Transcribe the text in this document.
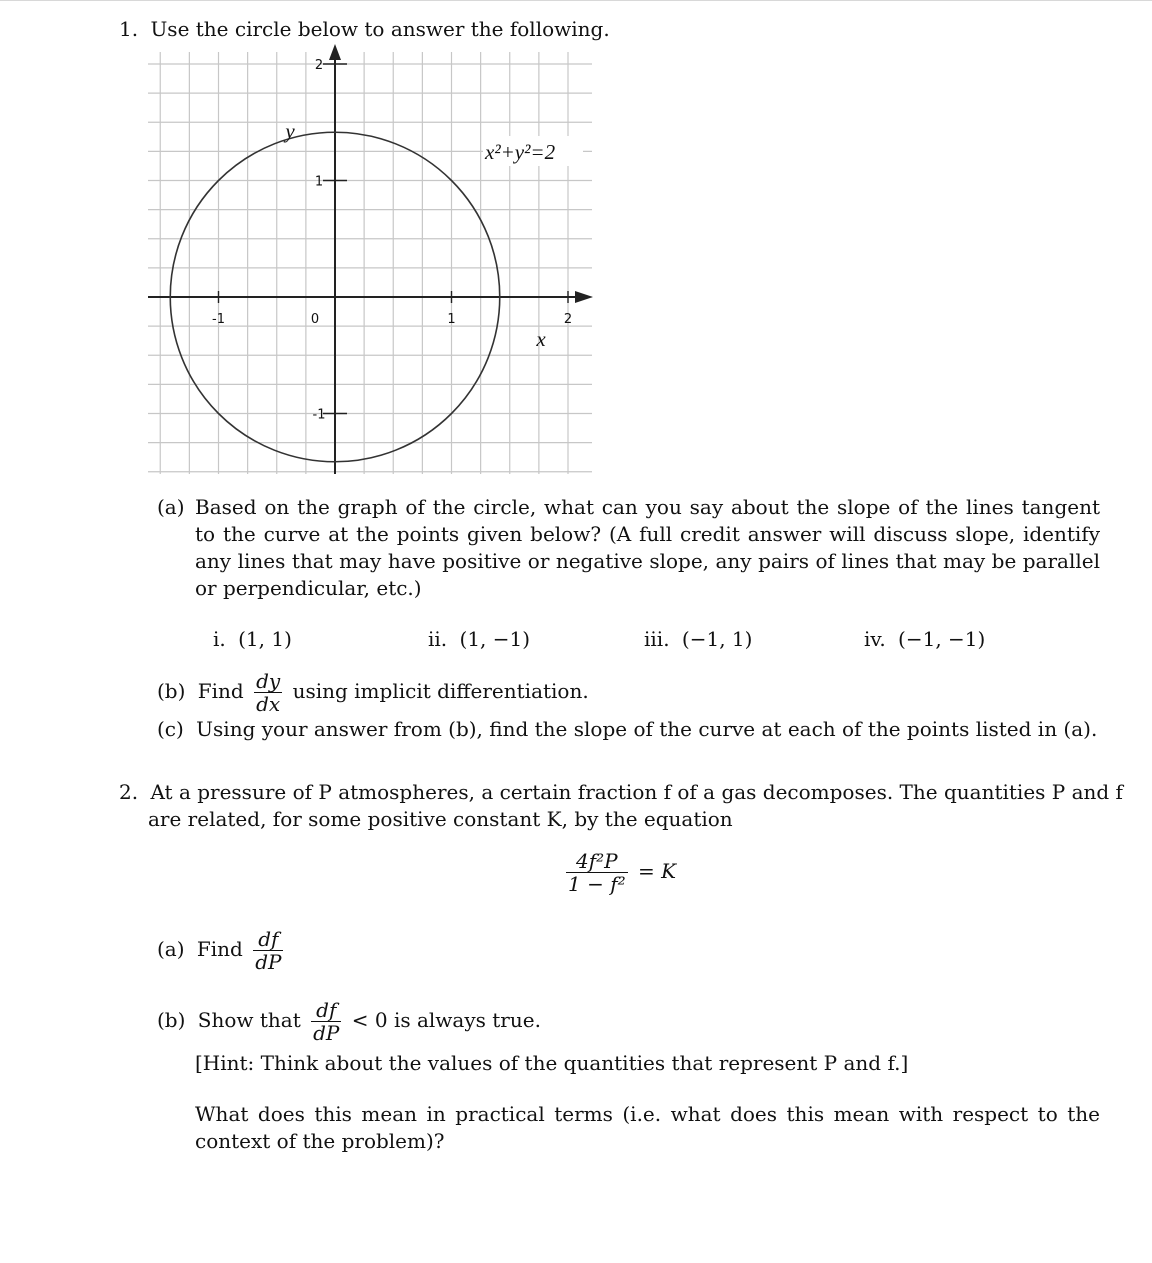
1. Use the circle below to answer the following.
-1	0	1	2
2
1
-1
x²+y²=2
y
x
(a) Based on the graph of the circle, what can you say about the slope of the lines tangent to the curve at the points given below? (A full credit answer will discuss slope, identify any lines that may have positive or negative slope, any pairs of lines that may be parallel or perpendicular, etc.)
i. (1, 1)	ii. (1, −1)	iii. (−1, 1)	iv. (−1, −1)
(b) Find $\frac{dy}{dx}$ using implicit differentiation.
(c) Using your answer from (b), find the slope of the curve at each of the points listed in (a).
2. At a pressure of P atmospheres, a certain fraction f of a gas decomposes. The quantities P and f
are related, for some positive constant K, by the equation
$\frac{\text{4f²P}}{\text{1 − f²}} = K$
(a) Find $\frac{df}{dP}$
(b) Show that $\frac{df}{dP} < 0$ is always true.
[Hint: Think about the values of the quantities that represent P and f.]
What does this mean in practical terms (i.e. what does this mean with respect to the context of the problem)?
